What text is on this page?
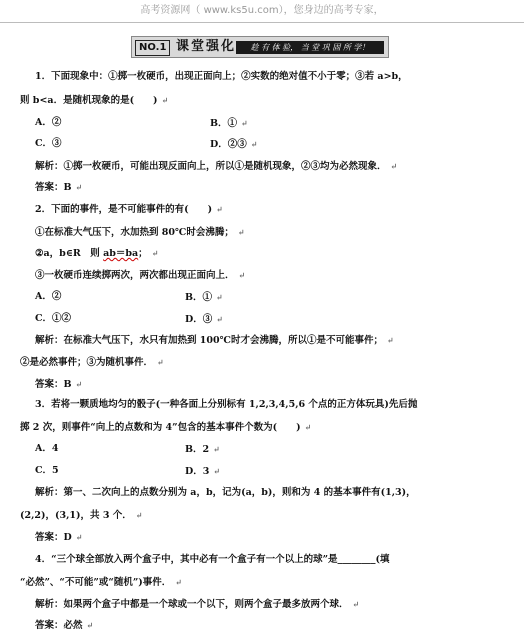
高考资源网（ www.ks5u.com），您身边的高考专家，
NO.1 课堂强化	趁 有 体 验， 当 堂 巩 固 所 学！
1．下面现象中：①掷一枚硬币，出现正面向上；②实数的绝对值不小于零；③若 a>b，
则 b<a．是随机现象的是(　　) ↵
A．②	B．① ↵
C．③	D．②③ ↵
解析：①掷一枚硬币，可能出现反面向上，所以①是随机现象，②③均为必然现象． ↵
答案：B ↵
2．下面的事件，是不可能事件的有(　　) ↵
①在标准大气压下，水加热到 80℃时会沸腾； ↵
②a，b∈R　则 ab＝ba； ↵
③一枚硬币连续掷两次，两次都出现正面向上． ↵
A．②	B．① ↵
C．①②	D．③ ↵
解析：在标准大气压下，水只有加热到 100℃时才会沸腾，所以①是不可能事件； ↵
②是必然事件；③为随机事件． ↵
答案：B ↵
3．若将一颗质地均匀的骰子(一种各面上分别标有 1,2,3,4,5,6 个点的正方体玩具)先后抛
掷 2 次，则事件“向上的点数和为 4”包含的基本事件个数为(　　) ↵
A．4	B．2 ↵
C．5	D．3 ↵
解析：第一、二次向上的点数分别为 a，b，记为(a，b)，则和为 4 的基本事件有(1,3)，
(2,2)，(3,1)，共 3 个． ↵
答案：D ↵
4．“三个球全部放入两个盒子中，其中必有一个盒子有一个以上的球”是________(填
“必然”、“不可能”或“随机”)事件． ↵
解析：如果两个盒子中都是一个球或一个以下，则两个盒子最多放两个球． ↵
答案：必然 ↵
